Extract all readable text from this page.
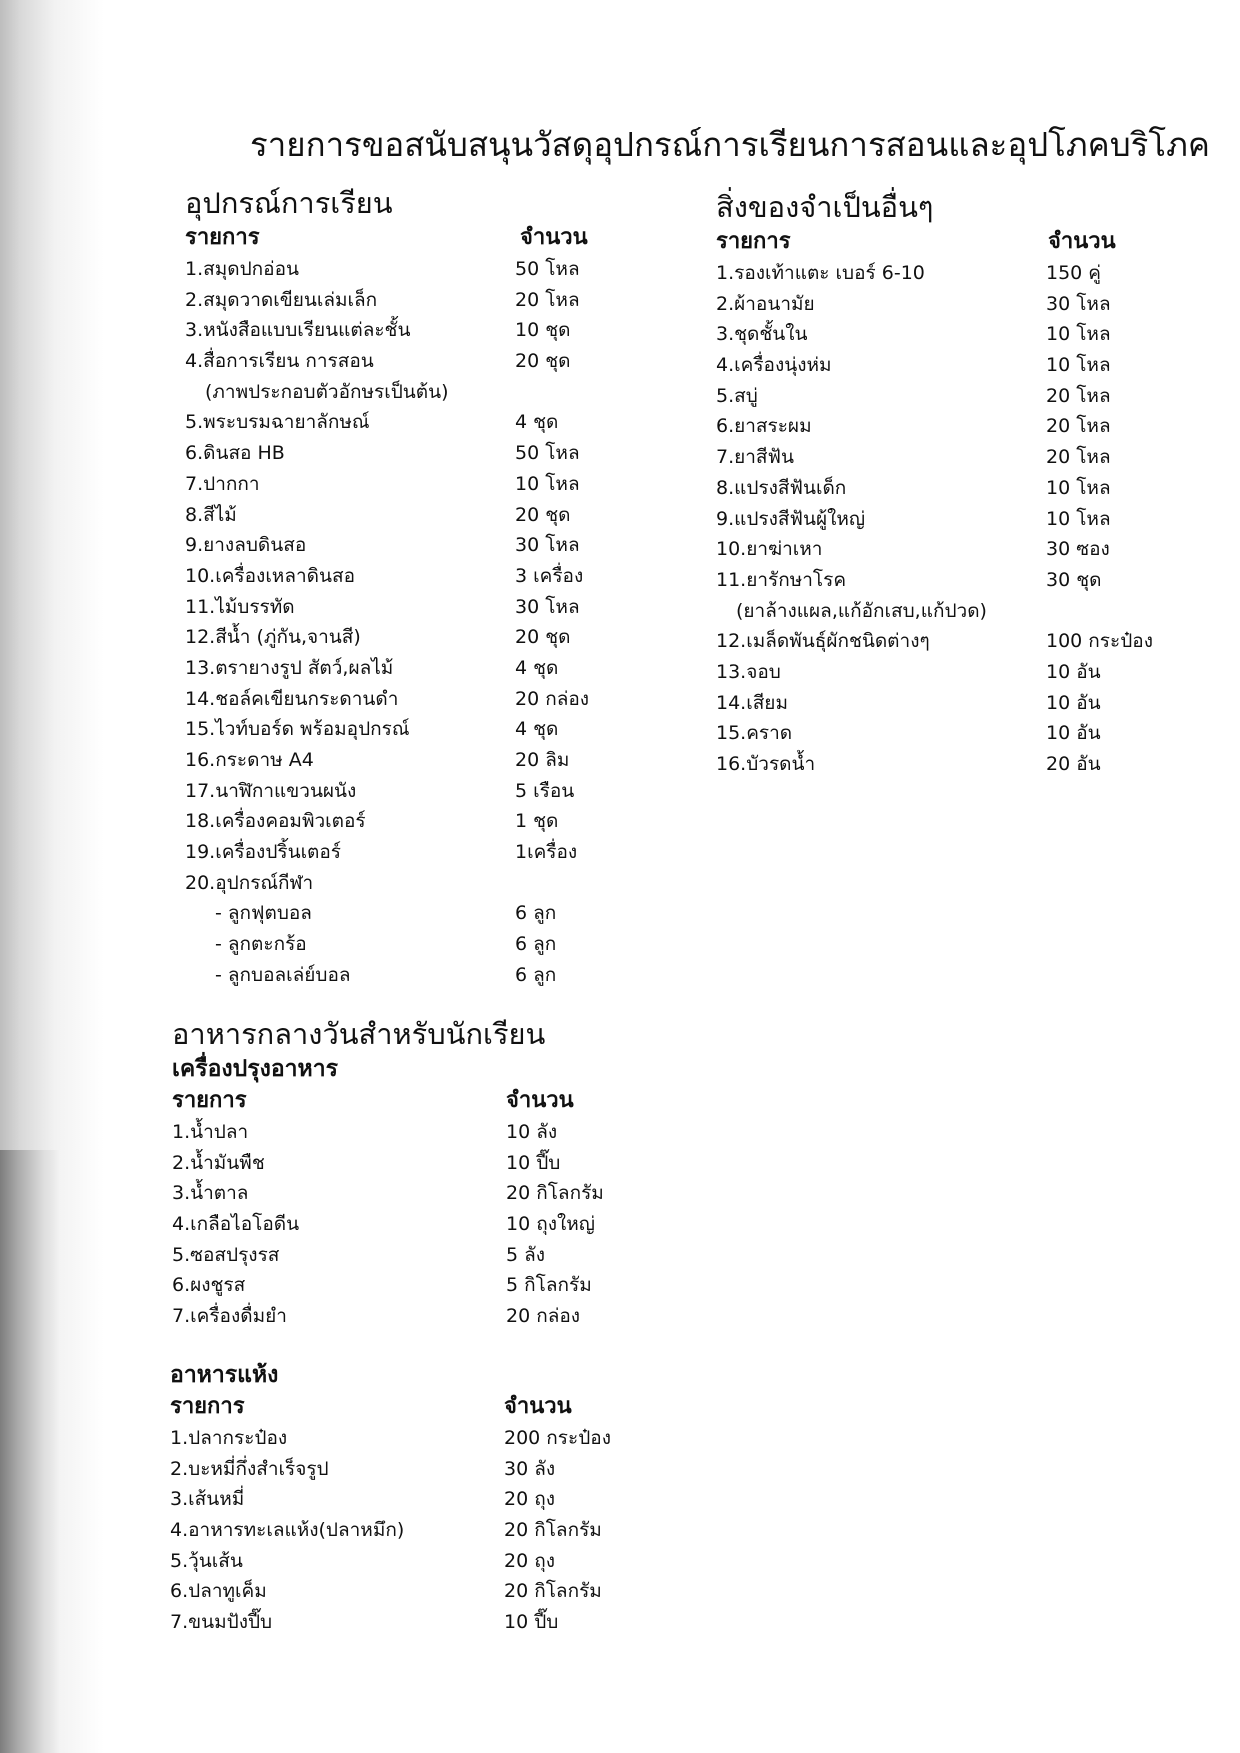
รายการขอสนับสนุนวัสดุอุปกรณ์การเรียนการสอนและอุปโภคบริโภค
อุปกรณ์การเรียน
รายการ	จำนวน
1.สมุดปกอ่อน	50 โหล
2.สมุดวาดเขียนเล่มเล็ก	20 โหล
3.หนังสือแบบเรียนแต่ละชั้น	10 ชุด
4.สื่อการเรียน การสอน	20 ชุด
(ภาพประกอบตัวอักษรเป็นต้น)
5.พระบรมฉายาลักษณ์	4 ชุด
6.ดินสอ HB	50 โหล
7.ปากกา	10 โหล
8.สีไม้	20 ชุด
9.ยางลบดินสอ	30 โหล
10.เครื่องเหลาดินสอ	3 เครื่อง
11.ไม้บรรทัด	30 โหล
12.สีน้ำ (ภู่กัน,จานสี)	20 ชุด
13.ตรายางรูป สัตว์,ผลไม้	4 ชุด
14.ชอล์คเขียนกระดานดำ	20 กล่อง
15.ไวท์บอร์ด พร้อมอุปกรณ์	4 ชุด
16.กระดาษ A4	20 ลิม
17.นาฬิกาแขวนผนัง	5 เรือน
18.เครื่องคอมพิวเตอร์	1 ชุด
19.เครื่องปริ้นเตอร์	1เครื่อง
20.อุปกรณ์กีฬา
- ลูกฟุตบอล	6 ลูก
- ลูกตะกร้อ	6 ลูก
- ลูกบอลเล่ย์บอล	6 ลูก
สิ่งของจำเป็นอื่นๆ
รายการ	จำนวน
1.รองเท้าแตะ เบอร์ 6-10	150 คู่
2.ผ้าอนามัย	30 โหล
3.ชุดชั้นใน	10 โหล
4.เครื่องนุ่งห่ม	10 โหล
5.สบู่	20 โหล
6.ยาสระผม	20 โหล
7.ยาสีฟัน	20 โหล
8.แปรงสีฟันเด็ก	10 โหล
9.แปรงสีฟันผู้ใหญ่	10 โหล
10.ยาฆ่าเหา	30 ซอง
11.ยารักษาโรค	30 ชุด
(ยาล้างแผล,แก้อักเสบ,แก้ปวด)
12.เมล็ดพันธุ์ผักชนิดต่างๆ	100 กระป๋อง
13.จอบ	10 อัน
14.เสียม	10 อัน
15.คราด	10 อัน
16.บัวรดน้ำ	20 อัน
อาหารกลางวันสำหรับนักเรียน
เครื่องปรุงอาหาร
รายการ	จำนวน
1.น้ำปลา	10 ลัง
2.น้ำมันพืช	10 ปี๊บ
3.น้ำตาล	20 กิโลกรัม
4.เกลือไอโอดีน	10 ถุงใหญ่
5.ซอสปรุงรส	5 ลัง
6.ผงชูรส	5 กิโลกรัม
7.เครื่องดื่มยำ	20 กล่อง
อาหารแห้ง
รายการ	จำนวน
1.ปลากระป๋อง	200 กระป๋อง
2.บะหมี่กึ่งสำเร็จรูป	30 ลัง
3.เส้นหมี่	20 ถุง
4.อาหารทะเลแห้ง(ปลาหมึก)	20 กิโลกรัม
5.วุ้นเส้น	20 ถุง
6.ปลาทูเค็ม	20 กิโลกรัม
7.ขนมปังปี๊บ	10 ปี๊บ
